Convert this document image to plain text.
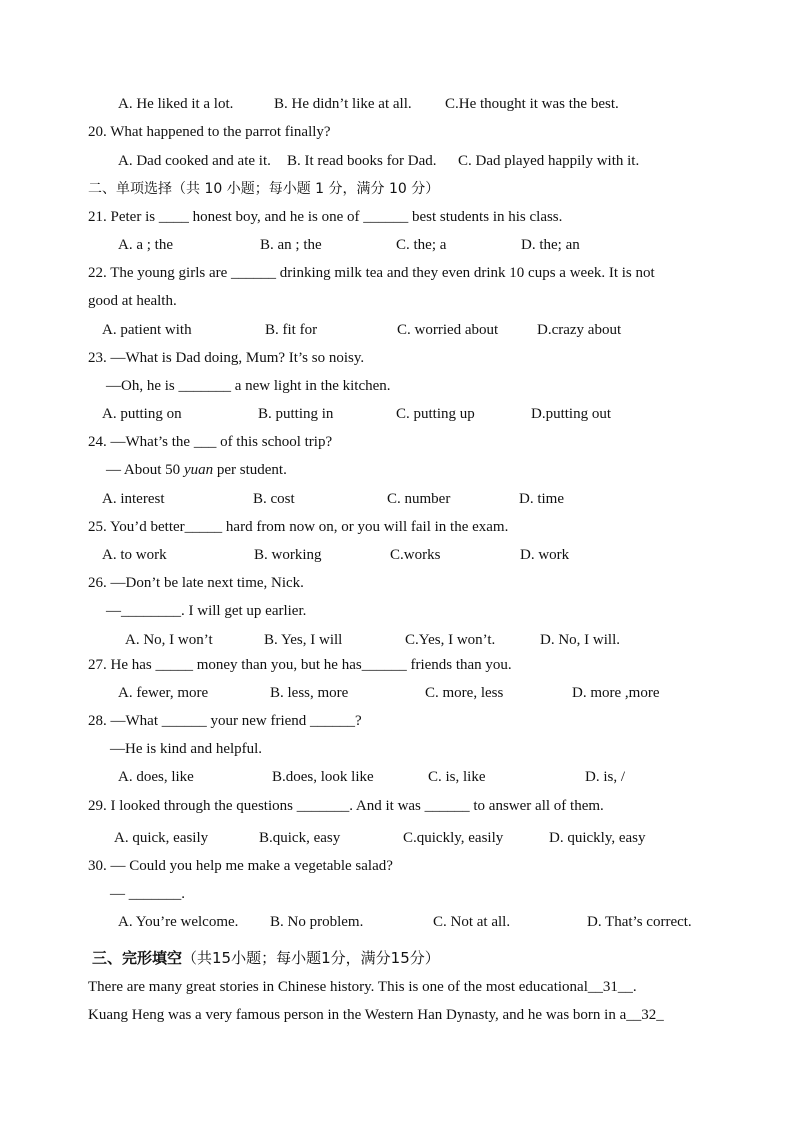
A. He liked it a lot.	B. He didn’t like at all. C.He thought it was the best.
20. What happened to the parrot finally?
A. Dad cooked and ate it. B. It read books for Dad. C. Dad played happily with it.
二、单项选择（共 10 小题；每小题 1 分，满分 10 分）
21. Peter is ____ honest boy, and he is one of ______ best students in his class.
A. a ; the	B. an ; the	C. the; a	D. the; an
22. The young girls are ______ drinking milk tea and they even drink 10 cups a week. It is not
good at health.
A. patient with	B. fit for	C. worried about	D.crazy about
23. —What is Dad doing, Mum? It’s so noisy.
—Oh, he is _______ a new light in the kitchen.
A. putting on	B. putting in	C. putting up	D.putting out
24. —What’s the ___ of this school trip?
— About 50 yuan per student.
A. interest	B. cost	C. number	D. time
25. You’d better_____ hard from now on, or you will fail in the exam.
A. to work	B. working	C.works	D. work
26. —Don’t be late next time, Nick.
—________. I will get up earlier.
A. No, I won’t	B. Yes, I will	C.Yes, I won’t.	D. No, I will.
27. He has _____ money than you, but he has______ friends than you.
A. fewer, more	B. less, more	C. more, less	D. more ,more
28. —What ______ your new friend ______?
—He is kind and helpful.
A. does, like	B.does, look like	C. is, like	D. is, /
29. I looked through the questions _______. And it was ______ to answer all of them.
A. quick, easily	B.quick, easy	C.quickly, easily	D. quickly, easy
30. — Could you help me make a vegetable salad?
— _______.
A. You’re welcome. B. No problem.	C. Not at all.	D. That’s correct.
三、完形填空（共15小题；每小题1分，满分15分）
There are many great stories in Chinese history. This is one of the most educational__31__.
Kuang Heng was a very famous person in the Western Han Dynasty, and he was born in a__32_
